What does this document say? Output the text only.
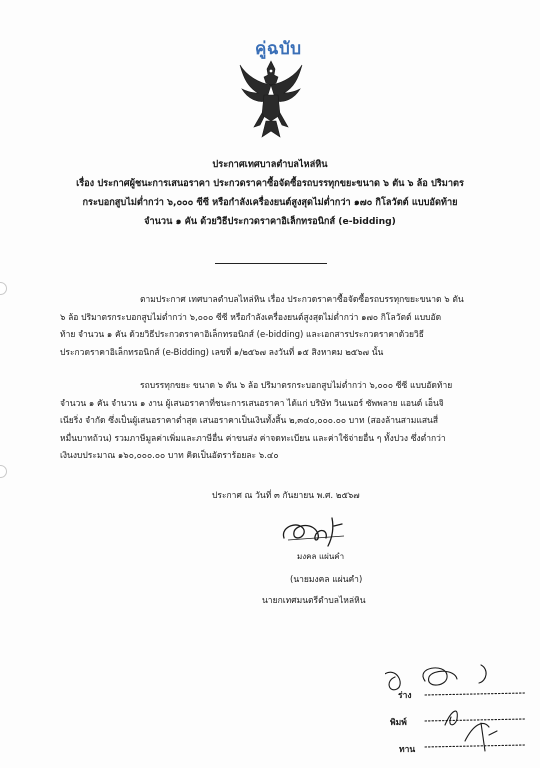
คู่ฉบับ
ประกาศเทศบาลตำบลไหล่หิน
เรื่อง ประกาศผู้ชนะการเสนอราคา ประกวดราคาซื้อจัดซื้อรถบรรทุกขยะขนาด ๖ ตัน ๖ ล้อ ปริมาตร
กระบอกสูบไม่ต่ำกว่า ๖,๐๐๐ ซีซี หรือกำลังเครื่องยนต์สูงสุดไม่ต่ำกว่า ๑๗๐ กิโลวัตต์ แบบอัดท้าย
จำนวน ๑ คัน ด้วยวิธีประกวดราคาอิเล็กทรอนิกส์ (e-bidding)
ตามประกาศ เทศบาลตำบลไหล่หิน เรื่อง ประกวดราคาซื้อจัดซื้อรถบรรทุกขยะขนาด ๖ ตัน
๖ ล้อ ปริมาตรกระบอกสูบไม่ต่ำกว่า ๖,๐๐๐ ซีซี หรือกำลังเครื่องยนต์สูงสุดไม่ต่ำกว่า ๑๗๐ กิโลวัตต์ แบบอัด
ท้าย จำนวน ๑ คัน ด้วยวิธีประกวดราคาอิเล็กทรอนิกส์ (e-bidding) และเอกสารประกวดราคาด้วยวิธี
ประกวดราคาอิเล็กทรอนิกส์ (e-Bidding) เลขที่ ๑/๒๕๖๗ ลงวันที่ ๑๕ สิงหาคม ๒๕๖๗ นั้น
รถบรรทุกขยะ ขนาด ๖ ตัน ๖ ล้อ ปริมาตรกระบอกสูบไม่ต่ำกว่า ๖,๐๐๐ ซีซี แบบอัดท้าย
จำนวน ๑ คัน จำนวน ๑ งาน ผู้เสนอราคาที่ชนะการเสนอราคา ได้แก่ บริษัท วินเนอร์ ซัพพลาย แอนด์ เอ็นจิ
เนียริ่ง จำกัด ซึ่งเป็นผู้เสนอราคาต่ำสุด เสนอราคาเป็นเงินทั้งสิ้น ๒,๓๔๐,๐๐๐.๐๐ บาท (สองล้านสามแสนสี่
หมื่นบาทถ้วน) รวมภาษีมูลค่าเพิ่มและภาษีอื่น ค่าขนส่ง ค่าจดทะเบียน และค่าใช้จ่ายอื่น ๆ ทั้งปวง ซึ่งต่ำกว่า
เงินงบประมาณ ๑๖๐,๐๐๐.๐๐ บาท คิดเป็นอัตราร้อยละ ๖.๔๐
ประกาศ ณ วันที่ ๓ กันยายน พ.ศ. ๒๕๖๗
มงคล แผ่นคำ
(นายมงคล แผ่นคำ)
นายกเทศมนตรีตำบลไหล่หิน
ร่าง
พิมพ์
ทาน
